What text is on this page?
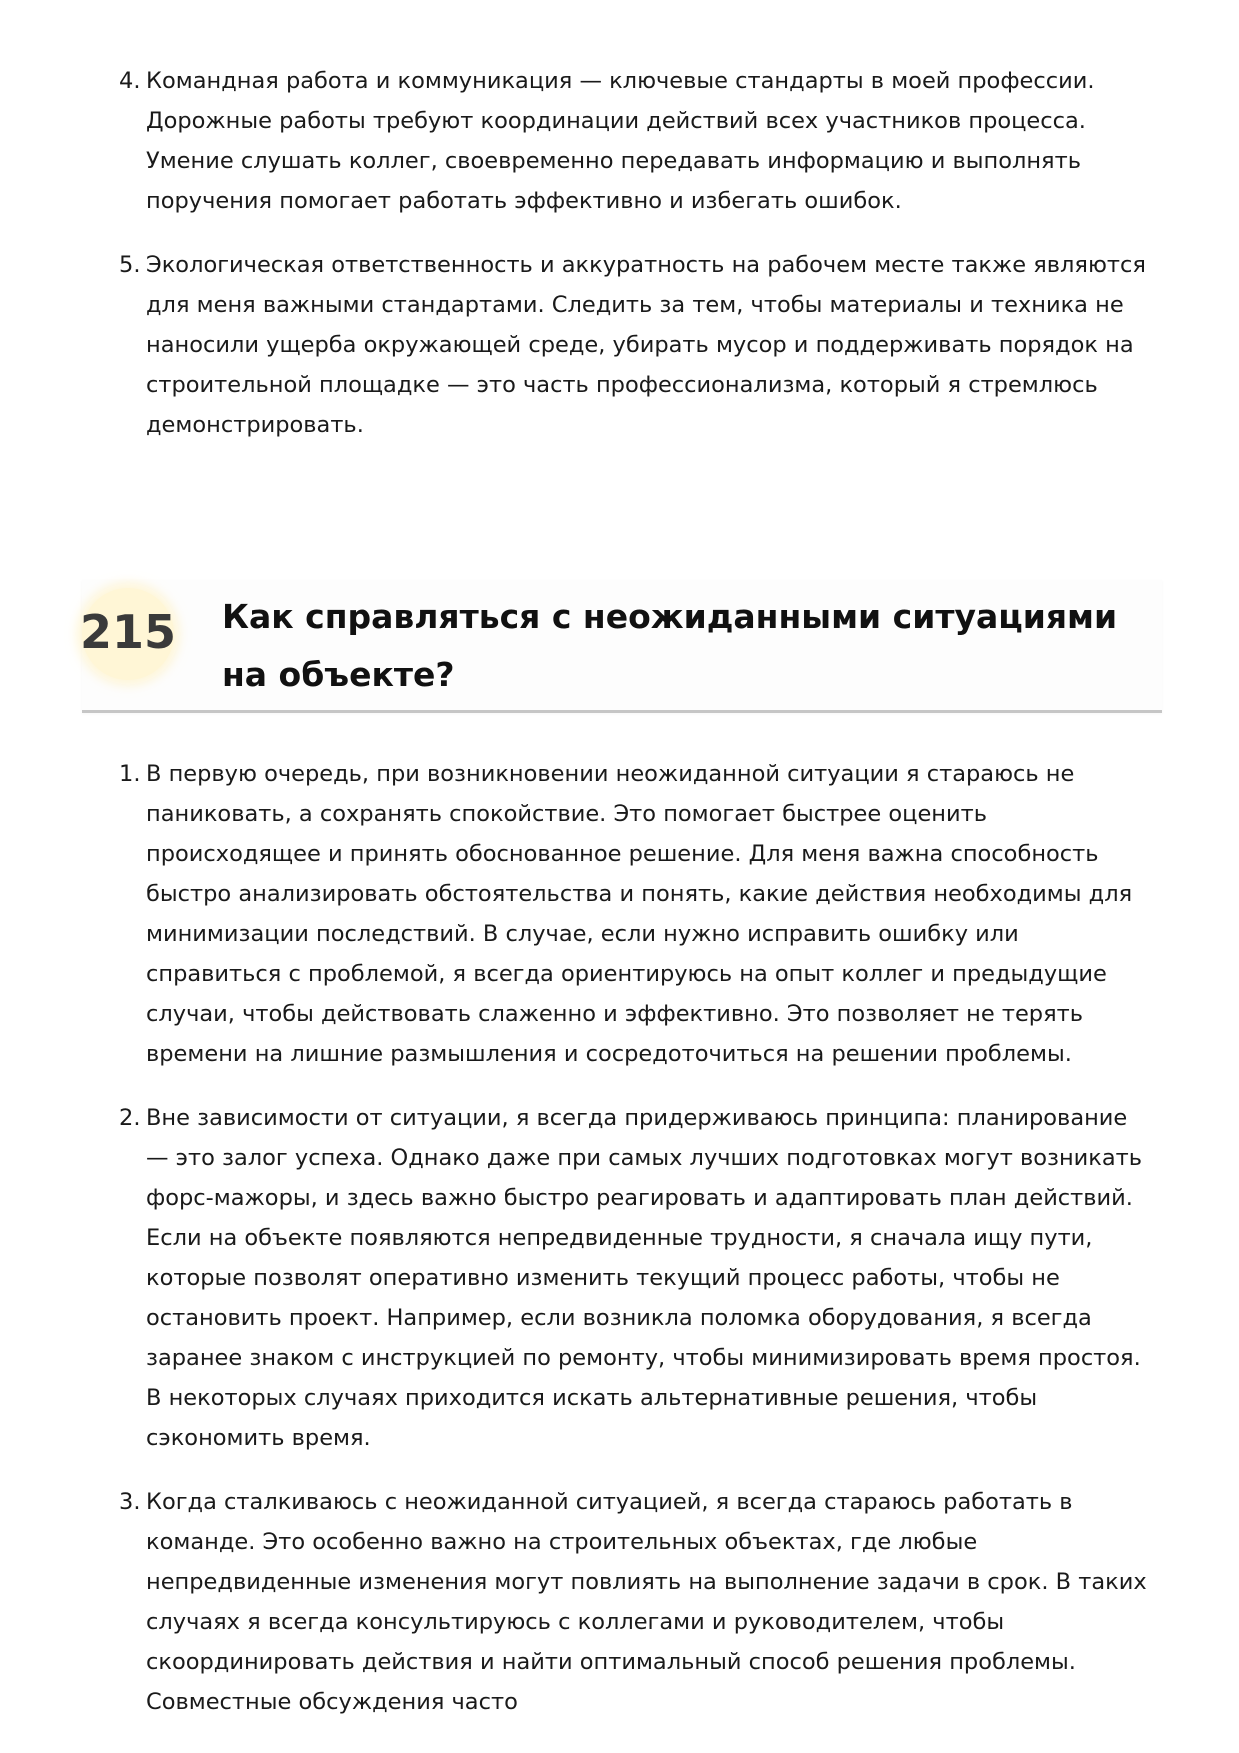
4. Командная работа и коммуникация — ключевые стандарты в моей профессии. Дорожные работы требуют координации действий всех участников процесса. Умение слушать коллег, своевременно передавать информацию и выполнять поручения помогает работать эффективно и избегать ошибок.
5. Экологическая ответственность и аккуратность на рабочем месте также являются для меня важными стандартами. Следить за тем, чтобы материалы и техника не наносили ущерба окружающей среде, убирать мусор и поддерживать порядок на строительной площадке — это часть профессионализма, который я стремлюсь демонстрировать.
215 Как справляться с неожиданными ситуациями на объекте?
1. В первую очередь, при возникновении неожиданной ситуации я стараюсь не паниковать, а сохранять спокойствие. Это помогает быстрее оценить происходящее и принять обоснованное решение. Для меня важна способность быстро анализировать обстоятельства и понять, какие действия необходимы для минимизации последствий. В случае, если нужно исправить ошибку или справиться с проблемой, я всегда ориентируюсь на опыт коллег и предыдущие случаи, чтобы действовать слаженно и эффективно. Это позволяет не терять времени на лишние размышления и сосредоточиться на решении проблемы.
2. Вне зависимости от ситуации, я всегда придерживаюсь принципа: планирование — это залог успеха. Однако даже при самых лучших подготовках могут возникать форс-мажоры, и здесь важно быстро реагировать и адаптировать план действий. Если на объекте появляются непредвиденные трудности, я сначала ищу пути, которые позволят оперативно изменить текущий процесс работы, чтобы не остановить проект. Например, если возникла поломка оборудования, я всегда заранее знаком с инструкцией по ремонту, чтобы минимизировать время простоя. В некоторых случаях приходится искать альтернативные решения, чтобы сэкономить время.
3. Когда сталкиваюсь с неожиданной ситуацией, я всегда стараюсь работать в команде. Это особенно важно на строительных объектах, где любые непредвиденные изменения могут повлиять на выполнение задачи в срок. В таких случаях я всегда консультируюсь с коллегами и руководителем, чтобы скоординировать действия и найти оптимальный способ решения проблемы. Совместные обсуждения часто
